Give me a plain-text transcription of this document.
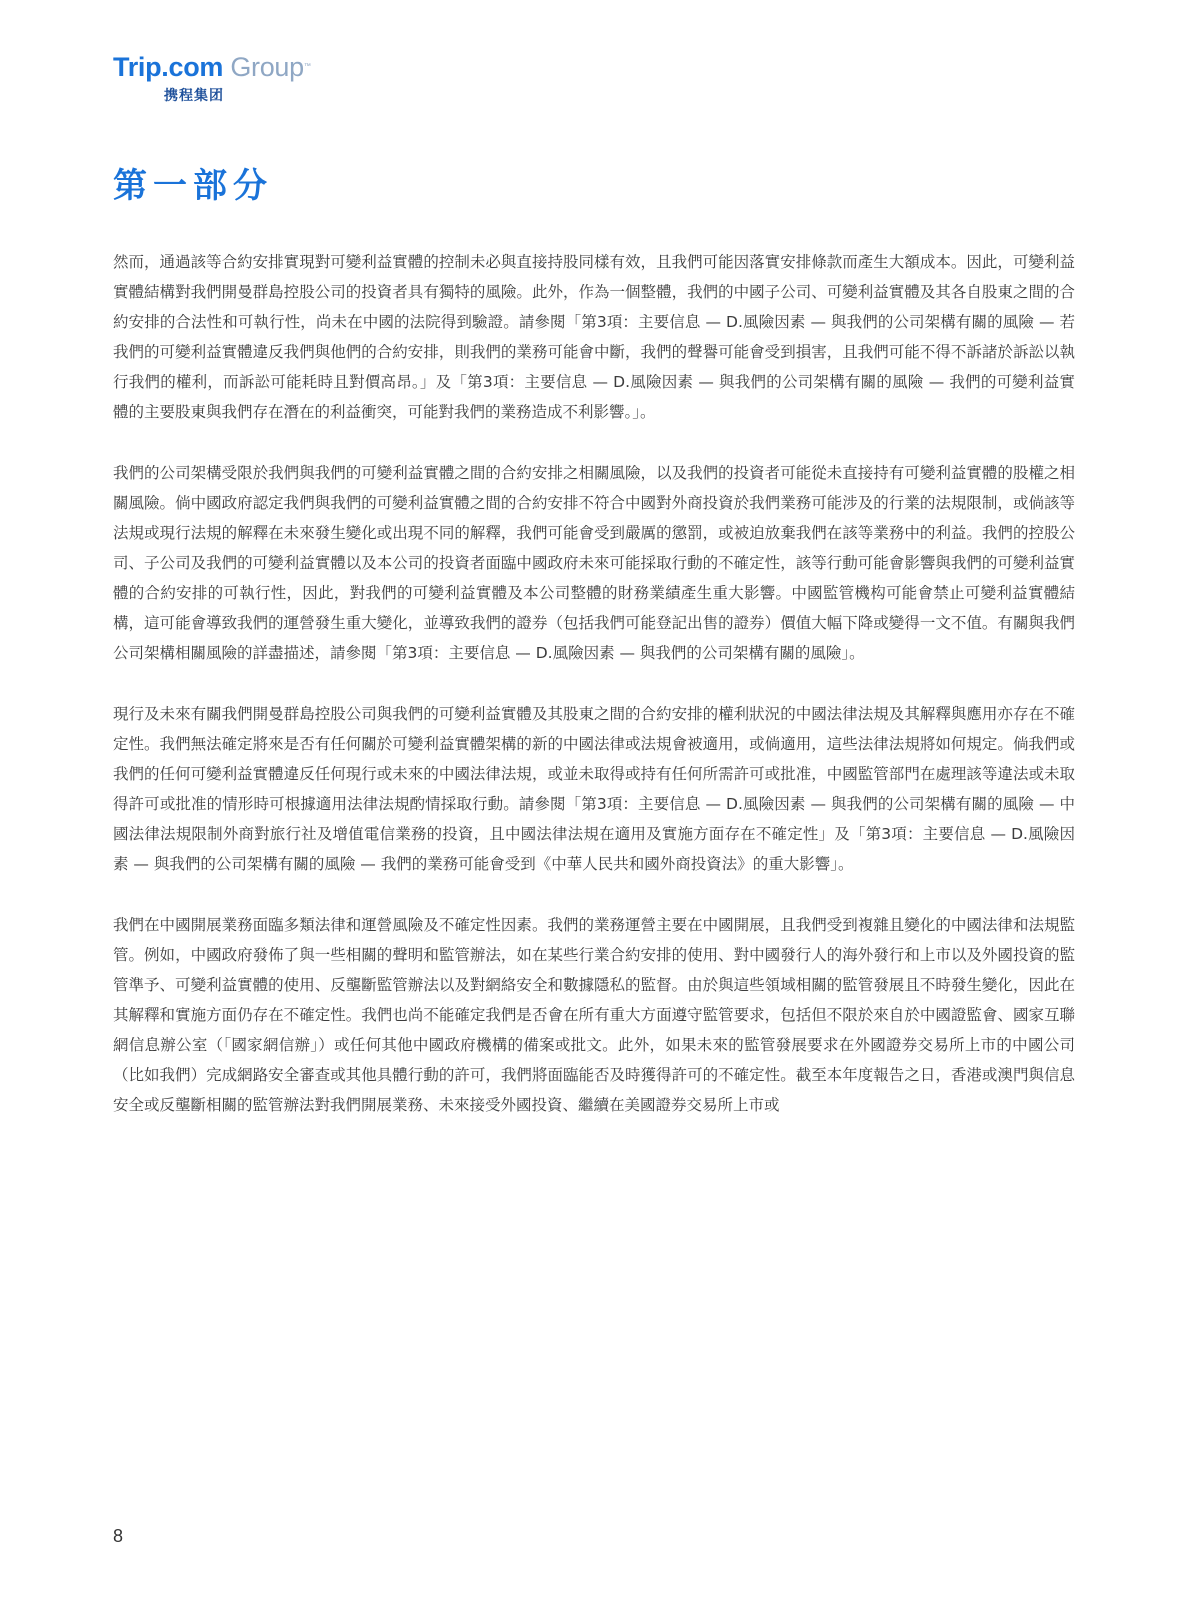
Trip.com Group™
携程集团
第一部分

然而，通過該等合約安排實現對可變利益實體的控制未必與直接持股同樣有效，且我們可能因落實安排條款而產生大額成本。因此，可變利益實體結構對我們開曼群島控股公司的投資者具有獨特的風險。此外，作為一個整體，我們的中國子公司、可變利益實體及其各自股東之間的合約安排的合法性和可執行性，尚未在中國的法院得到驗證。請參閱「第3項：主要信息 — D.風險因素 — 與我們的公司架構有關的風險 — 若我們的可變利益實體違反我們與他們的合約安排，則我們的業務可能會中斷，我們的聲譽可能會受到損害，且我們可能不得不訴諸於訴訟以執行我們的權利，而訴訟可能耗時且對價高昂。」及「第3項：主要信息 — D.風險因素 — 與我們的公司架構有關的風險 — 我們的可變利益實體的主要股東與我們存在潛在的利益衝突，可能對我們的業務造成不利影響。」。

我們的公司架構受限於我們與我們的可變利益實體之間的合約安排之相關風險，以及我們的投資者可能從未直接持有可變利益實體的股權之相關風險。倘中國政府認定我們與我們的可變利益實體之間的合約安排不符合中國對外商投資於我們業務可能涉及的行業的法規限制，或倘該等法規或現行法規的解釋在未來發生變化或出現不同的解釋，我們可能會受到嚴厲的懲罰，或被迫放棄我們在該等業務中的利益。我們的控股公司、子公司及我們的可變利益實體以及本公司的投資者面臨中國政府未來可能採取行動的不確定性，該等行動可能會影響與我們的可變利益實體的合約安排的可執行性，因此，對我們的可變利益實體及本公司整體的財務業績產生重大影響。中國監管機构可能會禁止可變利益實體結構，這可能會導致我們的運營發生重大變化，並導致我們的證券（包括我們可能登記出售的證券）價值大幅下降或變得一文不值。有關與我們公司架構相關風險的詳盡描述，請參閱「第3項：主要信息 — D.風險因素 — 與我們的公司架構有關的風險」。

現行及未來有關我們開曼群島控股公司與我們的可變利益實體及其股東之間的合約安排的權利狀況的中國法律法規及其解釋與應用亦存在不確定性。我們無法確定將來是否有任何關於可變利益實體架構的新的中國法律或法規會被適用，或倘適用，這些法律法規將如何規定。倘我們或我們的任何可變利益實體違反任何現行或未來的中國法律法規，或並未取得或持有任何所需許可或批准，中國監管部門在處理該等違法或未取得許可或批准的情形時可根據適用法律法規酌情採取行動。請參閱「第3項：主要信息 — D.風險因素 — 與我們的公司架構有關的風險 — 中國法律法規限制外商對旅行社及增值電信業務的投資，且中國法律法規在適用及實施方面存在不確定性」及「第3項：主要信息 — D.風險因素 — 與我們的公司架構有關的風險 — 我們的業務可能會受到《中華人民共和國外商投資法》的重大影響」。

我們在中國開展業務面臨多類法律和運營風險及不確定性因素。我們的業務運營主要在中國開展，且我們受到複雜且變化的中國法律和法規監管。例如，中國政府發佈了與一些相關的聲明和監管辦法，如在某些行業合約安排的使用、對中國發行人的海外發行和上市以及外國投資的監管準予、可變利益實體的使用、反壟斷監管辦法以及對網絡安全和數據隱私的監督。由於與這些領域相關的監管發展且不時發生變化，因此在其解釋和實施方面仍存在不確定性。我們也尚不能確定我們是否會在所有重大方面遵守監管要求，包括但不限於來自於中國證監會、國家互聯網信息辦公室（「國家網信辦」）或任何其他中國政府機構的備案或批文。此外，如果未來的監管發展要求在外國證券交易所上市的中國公司（比如我們）完成網路安全審查或其他具體行動的許可，我們將面臨能否及時獲得許可的不確定性。截至本年度報告之日，香港或澳門與信息安全或反壟斷相關的監管辦法對我們開展業務、未來接受外國投資、繼續在美國證券交易所上市或

8
